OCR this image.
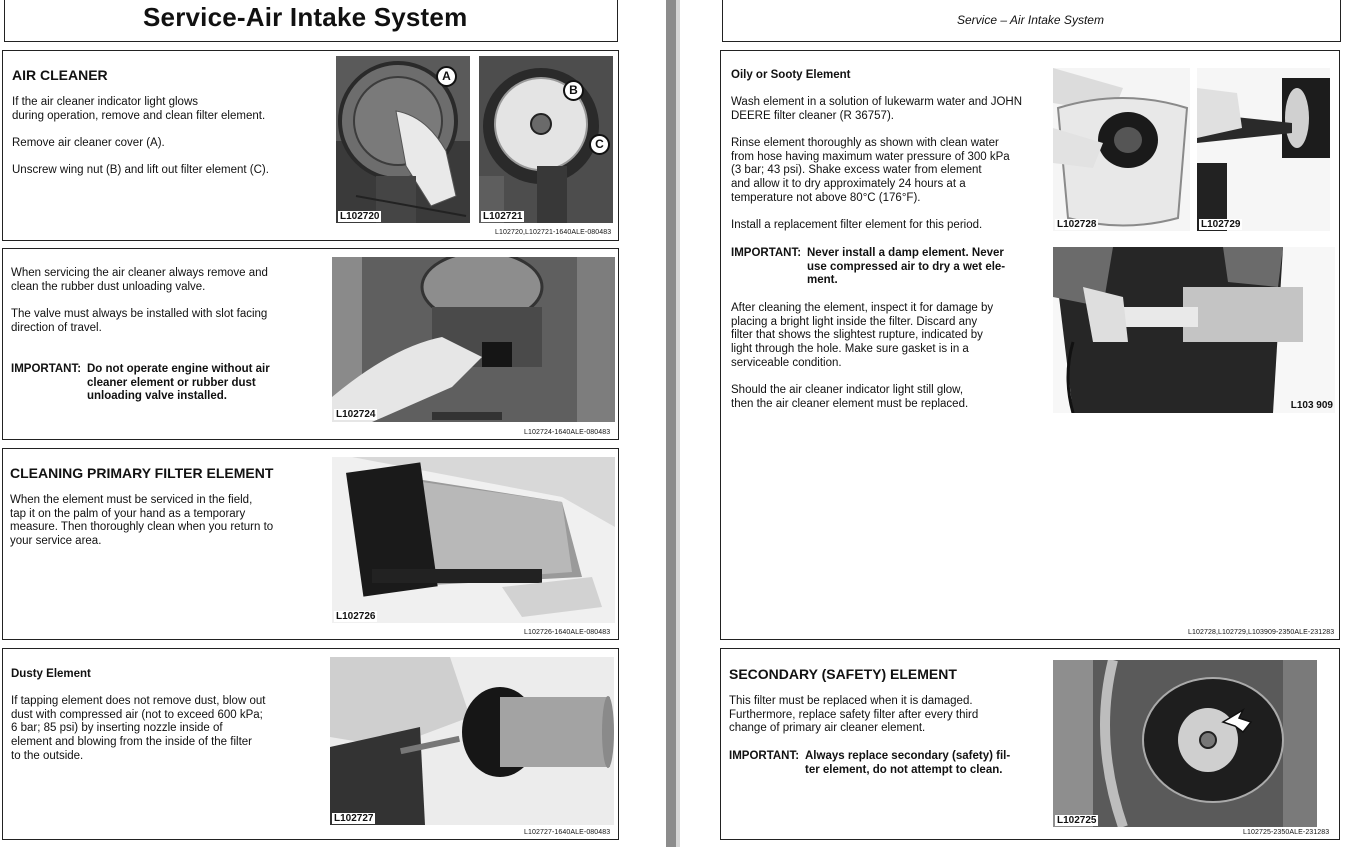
Service-Air Intake System
AIR CLEANER

If the air cleaner indicator light glows
during operation, remove and clean filter element.

Remove air cleaner cover (A).

Unscrew wing nut (B) and lift out filter element (C).

A
L102720
B
C
L102721
L102720,L102721-1640ALE-080483

When servicing the air cleaner always remove and
clean the rubber dust unloading valve.

The valve must always be installed with slot facing
direction of travel.

IMPORTANT: Do not operate engine without air
cleaner element or rubber dust
unloading valve installed.
L102724
L102724-1640ALE-080483
CLEANING PRIMARY FILTER ELEMENT

When the element must be serviced in the field,
tap it on the palm of your hand as a temporary
measure. Then thoroughly clean when you return to
your service area.

L102726
L102726-1640ALE-080483
Dusty Element

If tapping element does not remove dust, blow out
dust with compressed air (not to exceed 600 kPa;
6 bar; 85 psi) by inserting nozzle inside of
element and blowing from the inside of the filter
to the outside.

L102727
L102727-1640ALE-080483
Service – Air Intake System
Oily or Sooty Element

Wash element in a solution of lukewarm water and JOHN
DEERE filter cleaner (R 36757).

Rinse element thoroughly as shown with clean water
from hose having maximum water pressure of 300 kPa
(3 bar; 43 psi). Shake excess water from element
and allow it to dry approximately 24 hours at a
temperature not above 80°C (176°F).

Install a replacement filter element for this period.

IMPORTANT: Never install a damp element. Never
use compressed air to dry a wet ele-
ment.

After cleaning the element, inspect it for damage by
placing a bright light inside the filter. Discard any
filter that shows the slightest rupture, indicated by
light through the hole. Make sure gasket is in a
serviceable condition.

Should the air cleaner indicator light still glow,
then the air cleaner element must be replaced.

L102728	L102729
L103 909
L102728,L102729,L103909-2350ALE-231283
SECONDARY (SAFETY) ELEMENT

This filter must be replaced when it is damaged.
Furthermore, replace safety filter after every third
change of primary air cleaner element.

IMPORTANT: Always replace secondary (safety) fil-
ter element, do not attempt to clean.
L102725
L102725-2350ALE-231283
